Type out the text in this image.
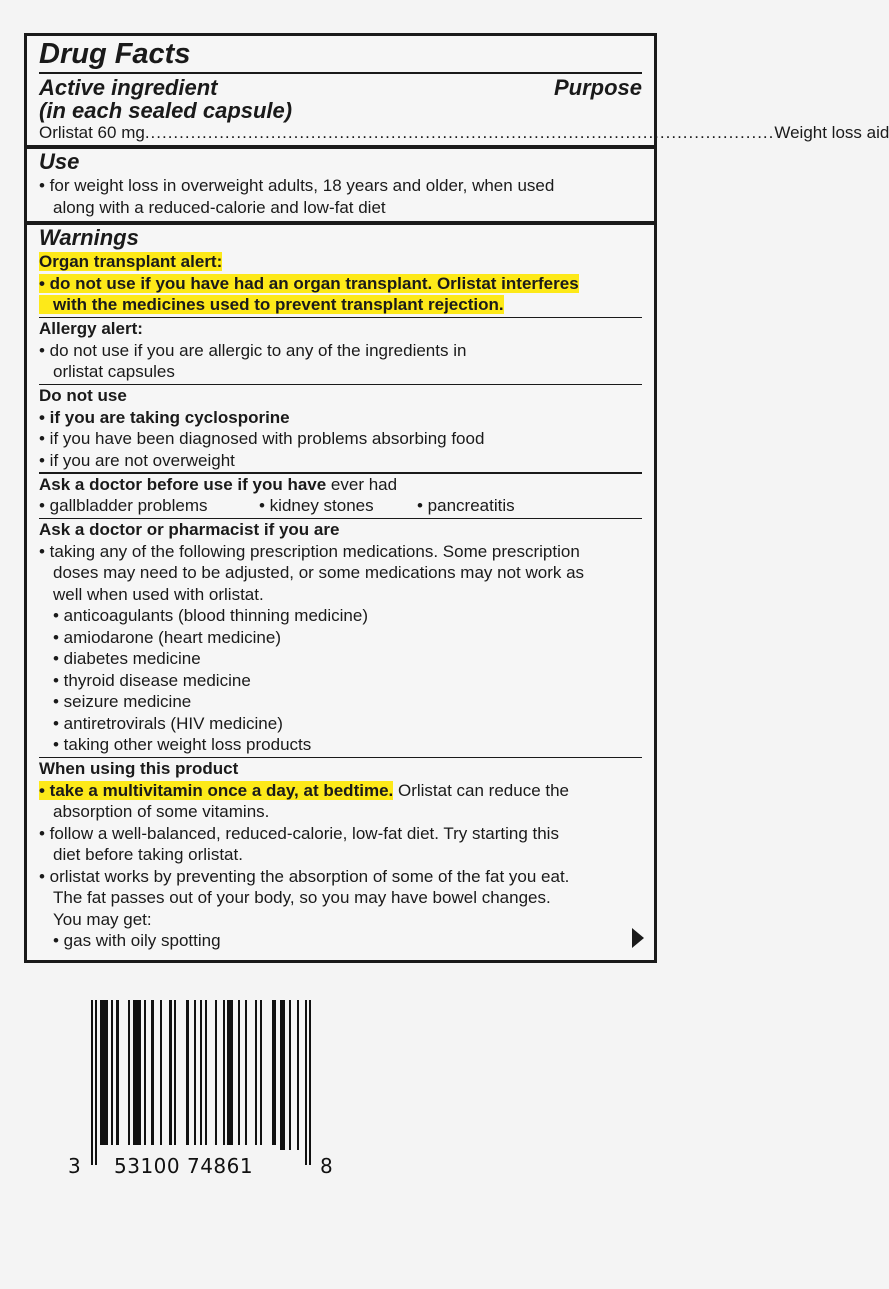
Drug Facts
Active ingredient	Purpose
(in each sealed capsule)
Orlistat 60 mg .............................................................................................................. Weight loss aid
Use
• for weight loss in overweight adults, 18 years and older, when used
along with a reduced-calorie and low-fat diet
Warnings
Organ transplant alert:
• do not use if you have had an organ transplant. Orlistat interferes
with the medicines used to prevent transplant rejection.
Allergy alert:
• do not use if you are allergic to any of the ingredients in
orlistat capsules
Do not use
• if you are taking cyclosporine
• if you have been diagnosed with problems absorbing food
• if you are not overweight
Ask a doctor before use if you have ever had
• gallbladder problems	• kidney stones	• pancreatitis
Ask a doctor or pharmacist if you are
• taking any of the following prescription medications. Some prescription
doses may need to be adjusted, or some medications may not work as
well when used with orlistat.
• anticoagulants (blood thinning medicine)
• amiodarone (heart medicine)
• diabetes medicine
• thyroid disease medicine
• seizure medicine
• antiretrovirals (HIV medicine)
• taking other weight loss products
When using this product
• take a multivitamin once a day, at bedtime. Orlistat can reduce the
absorption of some vitamins.
• follow a well-balanced, reduced-calorie, low-fat diet. Try starting this
diet before taking orlistat.
• orlistat works by preventing the absorption of some of the fat you eat.
The fat passes out of your body, so you may have bowel changes.
You may get:
• gas with oily spotting
3 53100 74861	8
